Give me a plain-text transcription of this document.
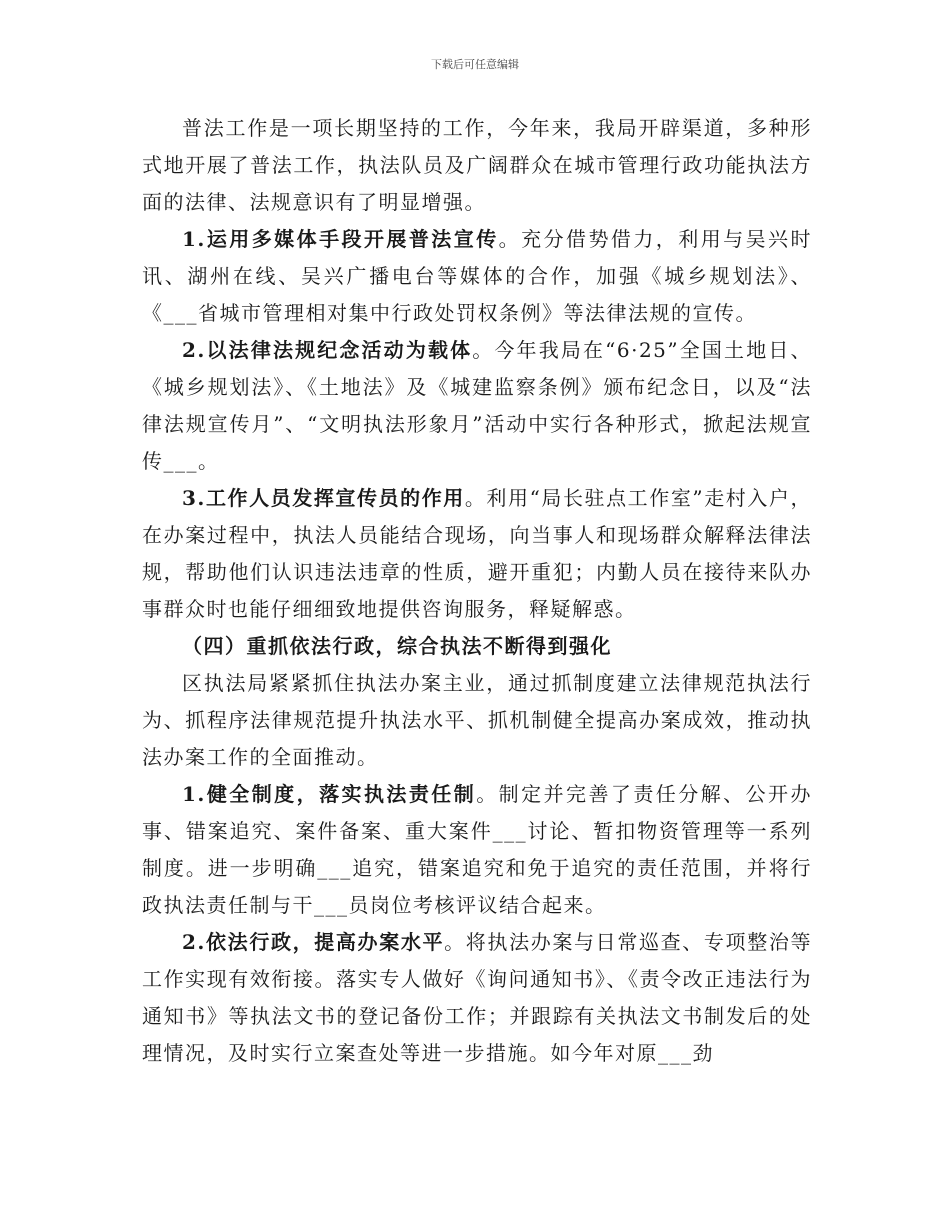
下载后可任意编辑

普法工作是一项长期坚持的工作，今年来，我局开辟渠道，多种形式地开展了普法工作，执法队员及广阔群众在城市管理行政功能执法方面的法律、法规意识有了明显增强。

1.运用多媒体手段开展普法宣传。充分借势借力，利用与吴兴时讯、湖州在线、吴兴广播电台等媒体的合作，加强《城乡规划法》、《___省城市管理相对集中行政处罚权条例》等法律法规的宣传。

2.以法律法规纪念活动为载体。今年我局在“6·25”全国土地日、《城乡规划法》、《土地法》及《城建监察条例》颁布纪念日，以及“法律法规宣传月”、“文明执法形象月”活动中实行各种形式，掀起法规宣传___。

3.工作人员发挥宣传员的作用。利用“局长驻点工作室”走村入户，在办案过程中，执法人员能结合现场，向当事人和现场群众解释法律法规，帮助他们认识违法违章的性质，避开重犯；内勤人员在接待来队办事群众时也能仔细细致地提供咨询服务，释疑解惑。

（四）重抓依法行政，综合执法不断得到强化

区执法局紧紧抓住执法办案主业，通过抓制度建立法律规范执法行为、抓程序法律规范提升执法水平、抓机制健全提高办案成效，推动执法办案工作的全面推动。

1.健全制度，落实执法责任制。制定并完善了责任分解、公开办事、错案追究、案件备案、重大案件___讨论、暂扣物资管理等一系列制度。进一步明确___追究，错案追究和免于追究的责任范围，并将行政执法责任制与干___员岗位考核评议结合起来。

2.依法行政，提高办案水平。将执法办案与日常巡查、专项整治等工作实现有效衔接。落实专人做好《询问通知书》、《责令改正违法行为通知书》等执法文书的登记备份工作；并跟踪有关执法文书制发后的处理情况，及时实行立案查处等进一步措施。如今年对原___劲
